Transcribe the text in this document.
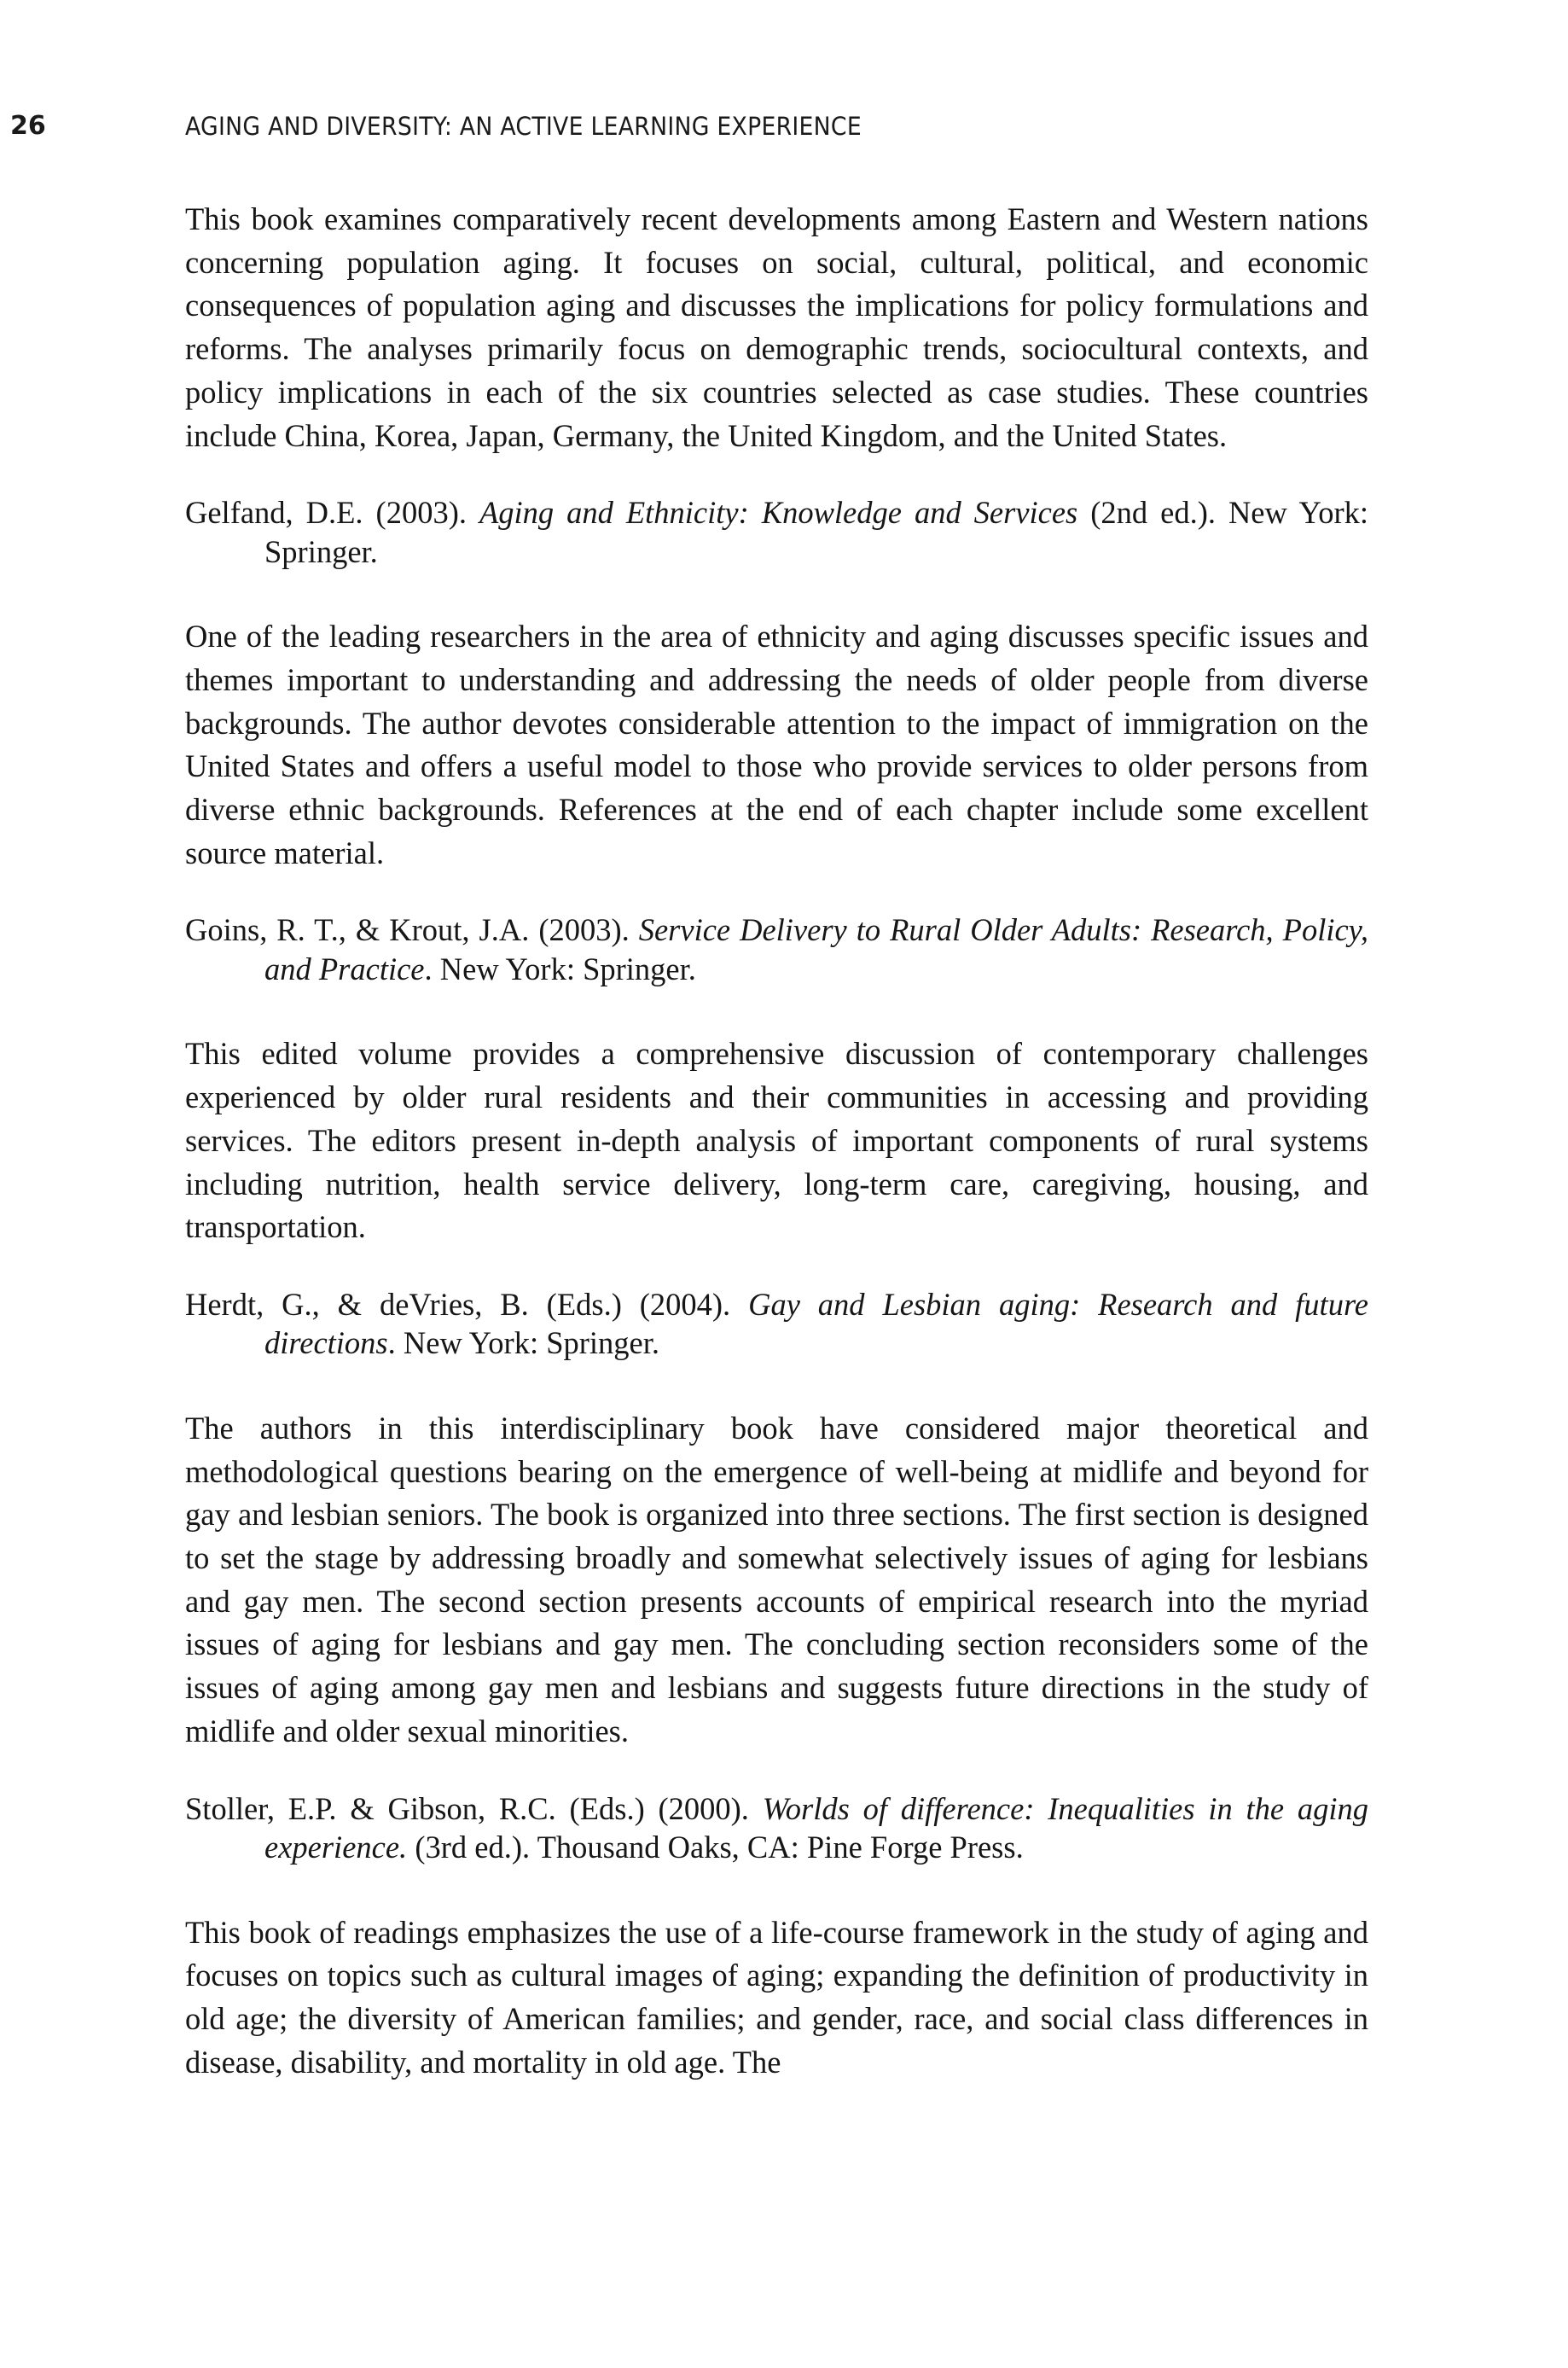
26	AGING AND DIVERSITY: AN ACTIVE LEARNING EXPERIENCE

This book examines comparatively recent developments among Eastern and Western nations concerning population aging. It focuses on social, cultural, political, and economic consequences of population aging and discusses the implications for policy formulations and reforms. The analyses primarily focus on demographic trends, sociocultural contexts, and policy implications in each of the six countries selected as case studies. These countries include China, Korea, Japan, Germany, the United Kingdom, and the United States.

Gelfand, D.E. (2003). Aging and Ethnicity: Knowledge and Services (2nd ed.). New York: Springer.

One of the leading researchers in the area of ethnicity and aging discusses specific issues and themes important to understanding and addressing the needs of older people from diverse backgrounds. The author devotes considerable attention to the impact of immigration on the United States and offers a useful model to those who provide services to older persons from diverse ethnic backgrounds. References at the end of each chapter include some excellent source material.

Goins, R. T., & Krout, J.A. (2003). Service Delivery to Rural Older Adults: Research, Policy, and Practice. New York: Springer.

This edited volume provides a comprehensive discussion of contemporary challenges experienced by older rural residents and their communities in accessing and providing services. The editors present in-depth analysis of important components of rural systems including nutrition, health service delivery, long-term care, caregiving, housing, and transportation.

Herdt, G., & deVries, B. (Eds.) (2004). Gay and Lesbian aging: Research and future directions. New York: Springer.

The authors in this interdisciplinary book have considered major theoretical and methodological questions bearing on the emergence of well-being at midlife and beyond for gay and lesbian seniors. The book is organized into three sections. The first section is designed to set the stage by addressing broadly and somewhat selectively issues of aging for lesbians and gay men. The second section presents accounts of empirical research into the myriad issues of aging for lesbians and gay men. The concluding section reconsiders some of the issues of aging among gay men and lesbians and suggests future directions in the study of midlife and older sexual minorities.

Stoller, E.P. & Gibson, R.C. (Eds.) (2000). Worlds of difference: Inequalities in the aging experience. (3rd ed.). Thousand Oaks, CA: Pine Forge Press.

This book of readings emphasizes the use of a life-course framework in the study of aging and focuses on topics such as cultural images of aging; expanding the definition of productivity in old age; the diversity of American families; and gender, race, and social class differences in disease, disability, and mortality in old age. The
